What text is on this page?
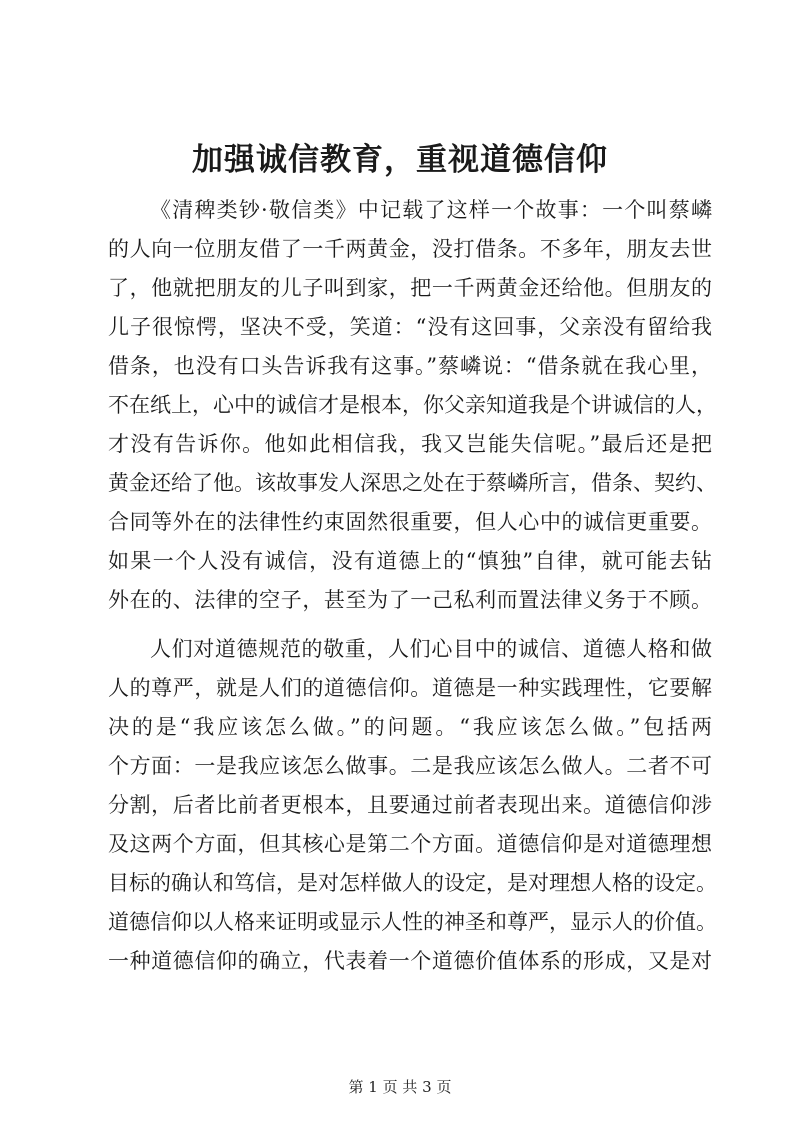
加强诚信教育，重视道德信仰
《清稗类钞·敬信类》中记载了这样一个故事：一个叫蔡嶙
的人向一位朋友借了一千两黄金，没打借条。不多年，朋友去世
了，他就把朋友的儿子叫到家，把一千两黄金还给他。但朋友的
儿子很惊愕，坚决不受，笑道：“没有这回事，父亲没有留给我
借条，也没有口头告诉我有这事。”蔡嶙说：“借条就在我心里，
不在纸上，心中的诚信才是根本，你父亲知道我是个讲诚信的人，
才没有告诉你。他如此相信我，我又岂能失信呢。”最后还是把
黄金还给了他。该故事发人深思之处在于蔡嶙所言，借条、契约、
合同等外在的法律性约束固然很重要，但人心中的诚信更重要。
如果一个人没有诚信，没有道德上的“慎独”自律，就可能去钻
外在的、法律的空子，甚至为了一己私利而置法律义务于不顾。
人们对道德规范的敬重，人们心目中的诚信、道德人格和做
人的尊严，就是人们的道德信仰。道德是一种实践理性，它要解
决的是“我应该怎么做。”的问题。“我应该怎么做。”包括两
个方面：一是我应该怎么做事。二是我应该怎么做人。二者不可
分割，后者比前者更根本，且要通过前者表现出来。道德信仰涉
及这两个方面，但其核心是第二个方面。道德信仰是对道德理想
目标的确认和笃信，是对怎样做人的设定，是对理想人格的设定。
道德信仰以人格来证明或显示人性的神圣和尊严，显示人的价值。
一种道德信仰的确立，代表着一个道德价值体系的形成，又是对
第 1 页 共 3 页
